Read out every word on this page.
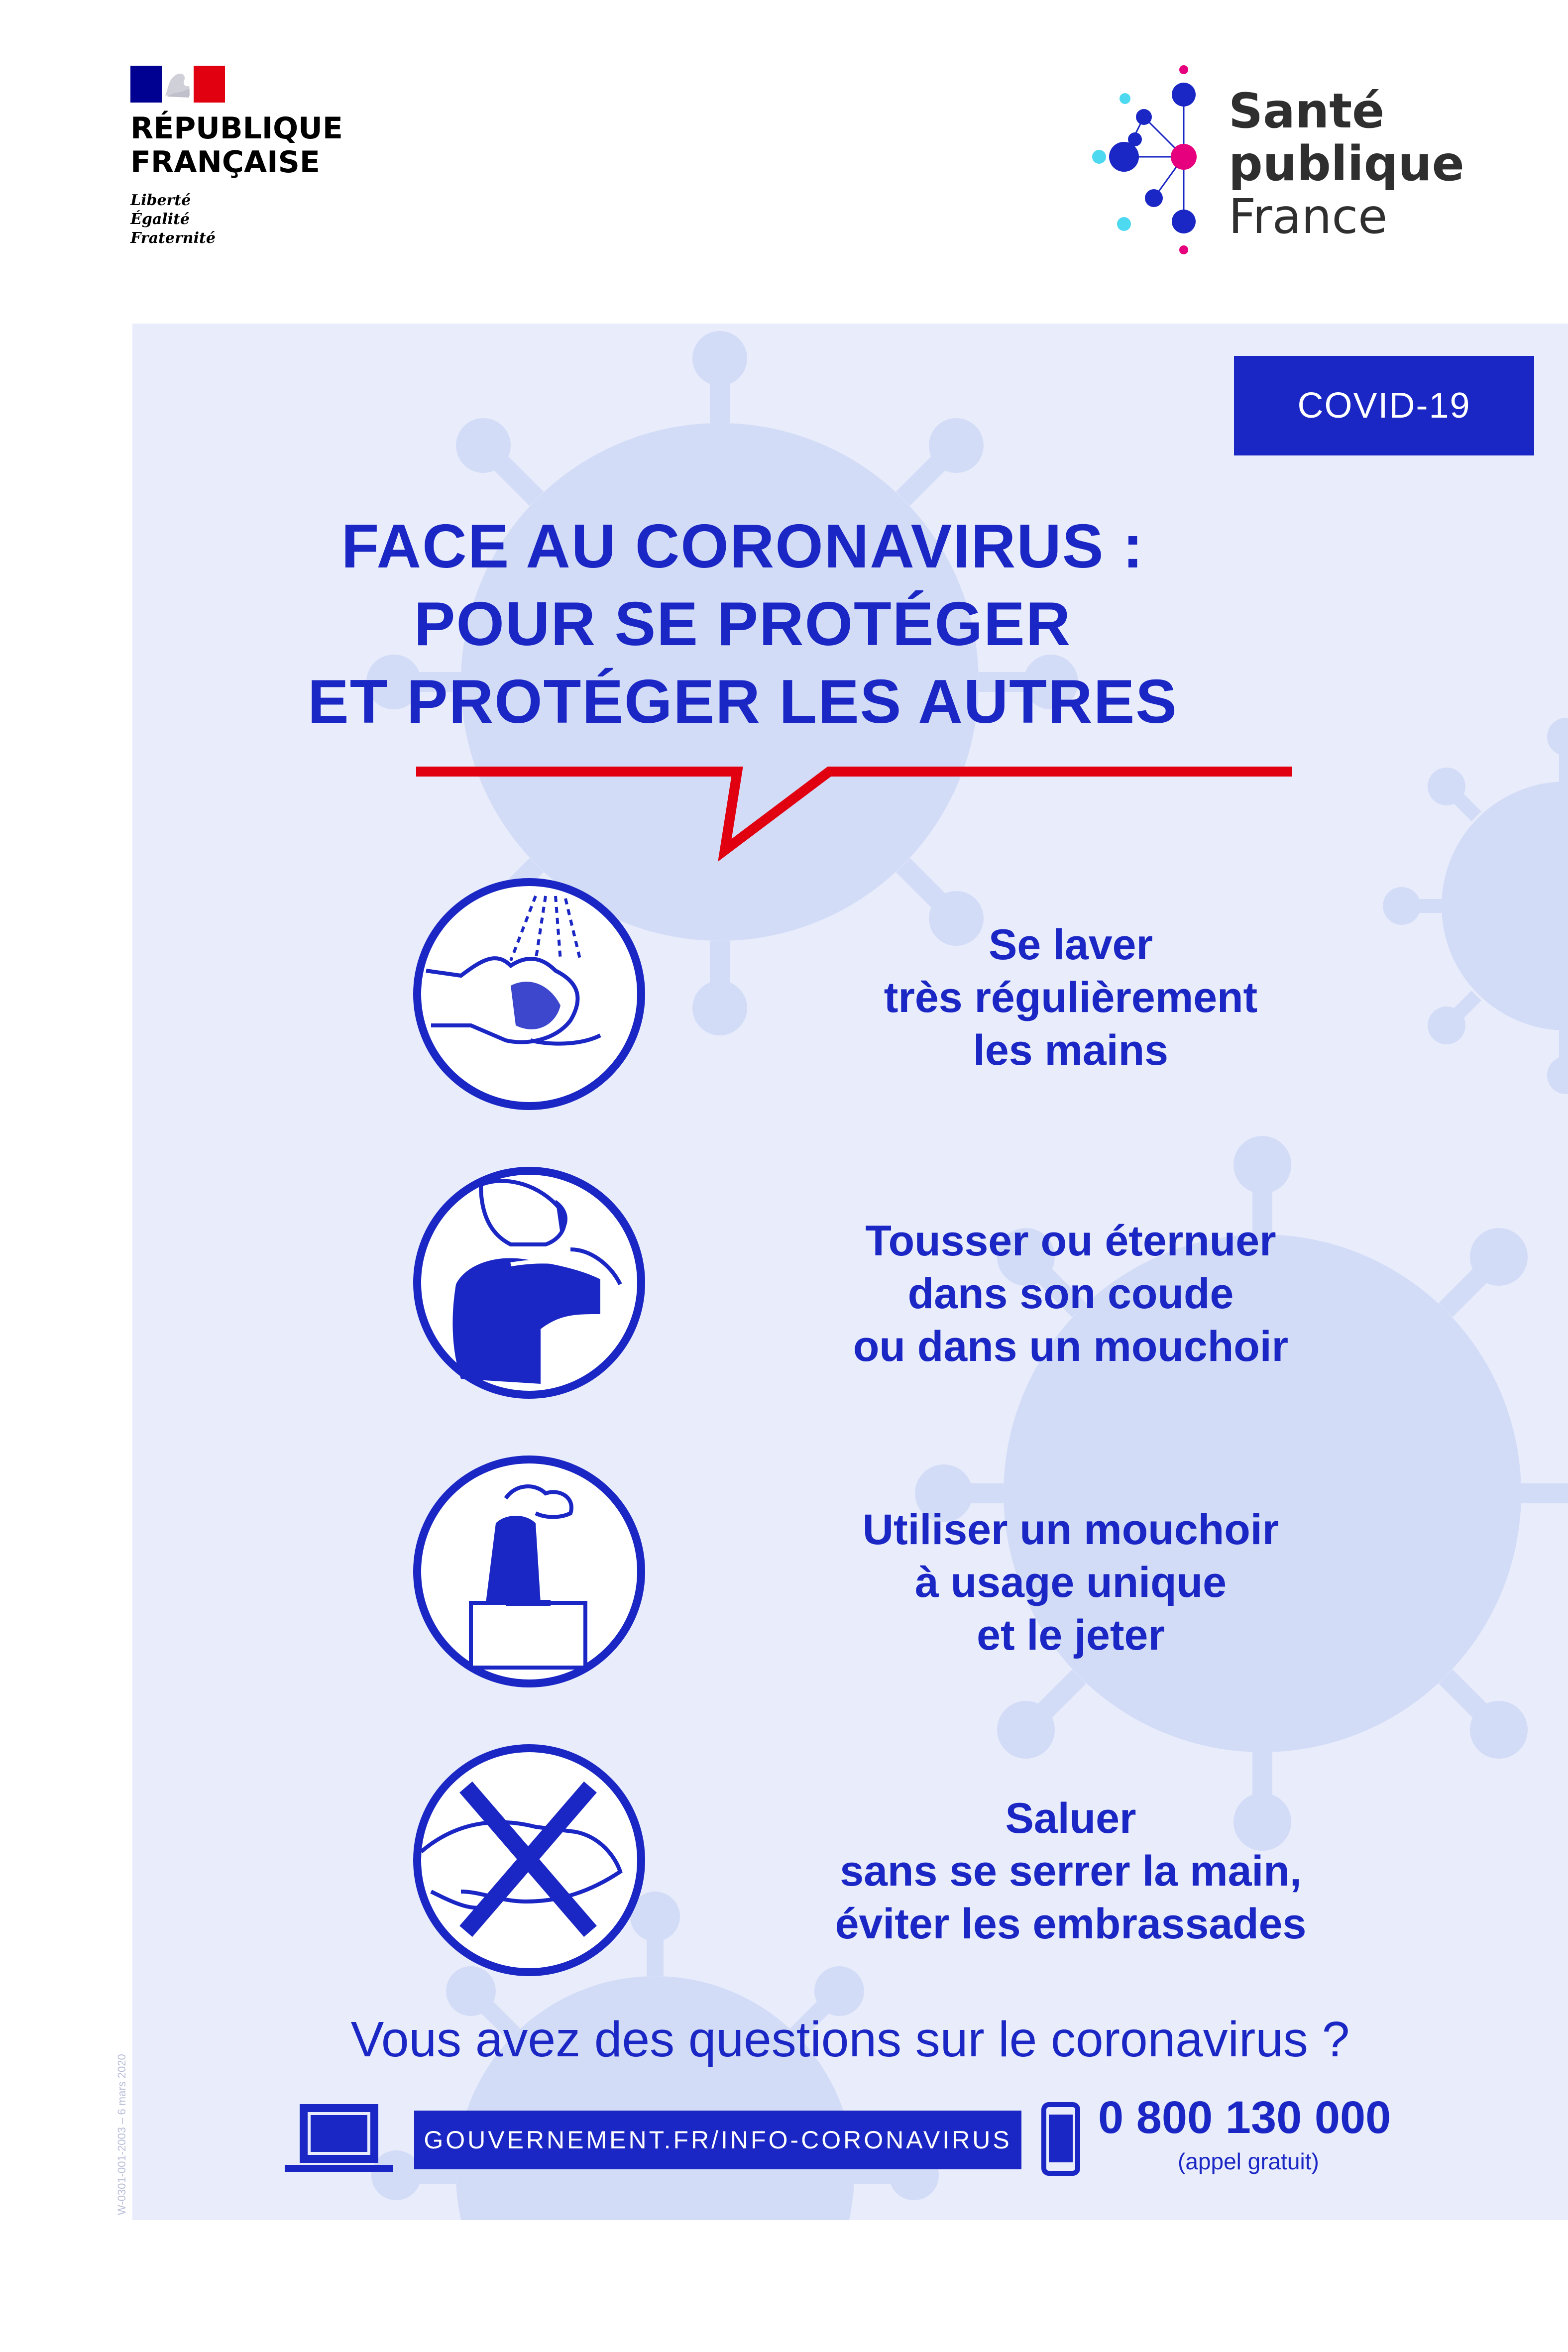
RÉPUBLIQUE
FRANÇAISE
Liberté
Égalité
Fraternité
Santé
publique
France
COVID-19
FACE AU CORONAVIRUS :
POUR SE PROTÉGER
ET PROTÉGER LES AUTRES
Se laver
très régulièrement
les mains
Tousser ou éternuer
dans son coude
ou dans un mouchoir
Utiliser un mouchoir
à usage unique
et le jeter
Saluer
sans se serrer la main,
éviter les embrassades
Vous avez des questions sur le coronavirus ?
GOUVERNEMENT.FR/INFO-CORONAVIRUS 0 800 130 000
(appel gratuit)
W-0301-001-2003 – 6 mars 2020
